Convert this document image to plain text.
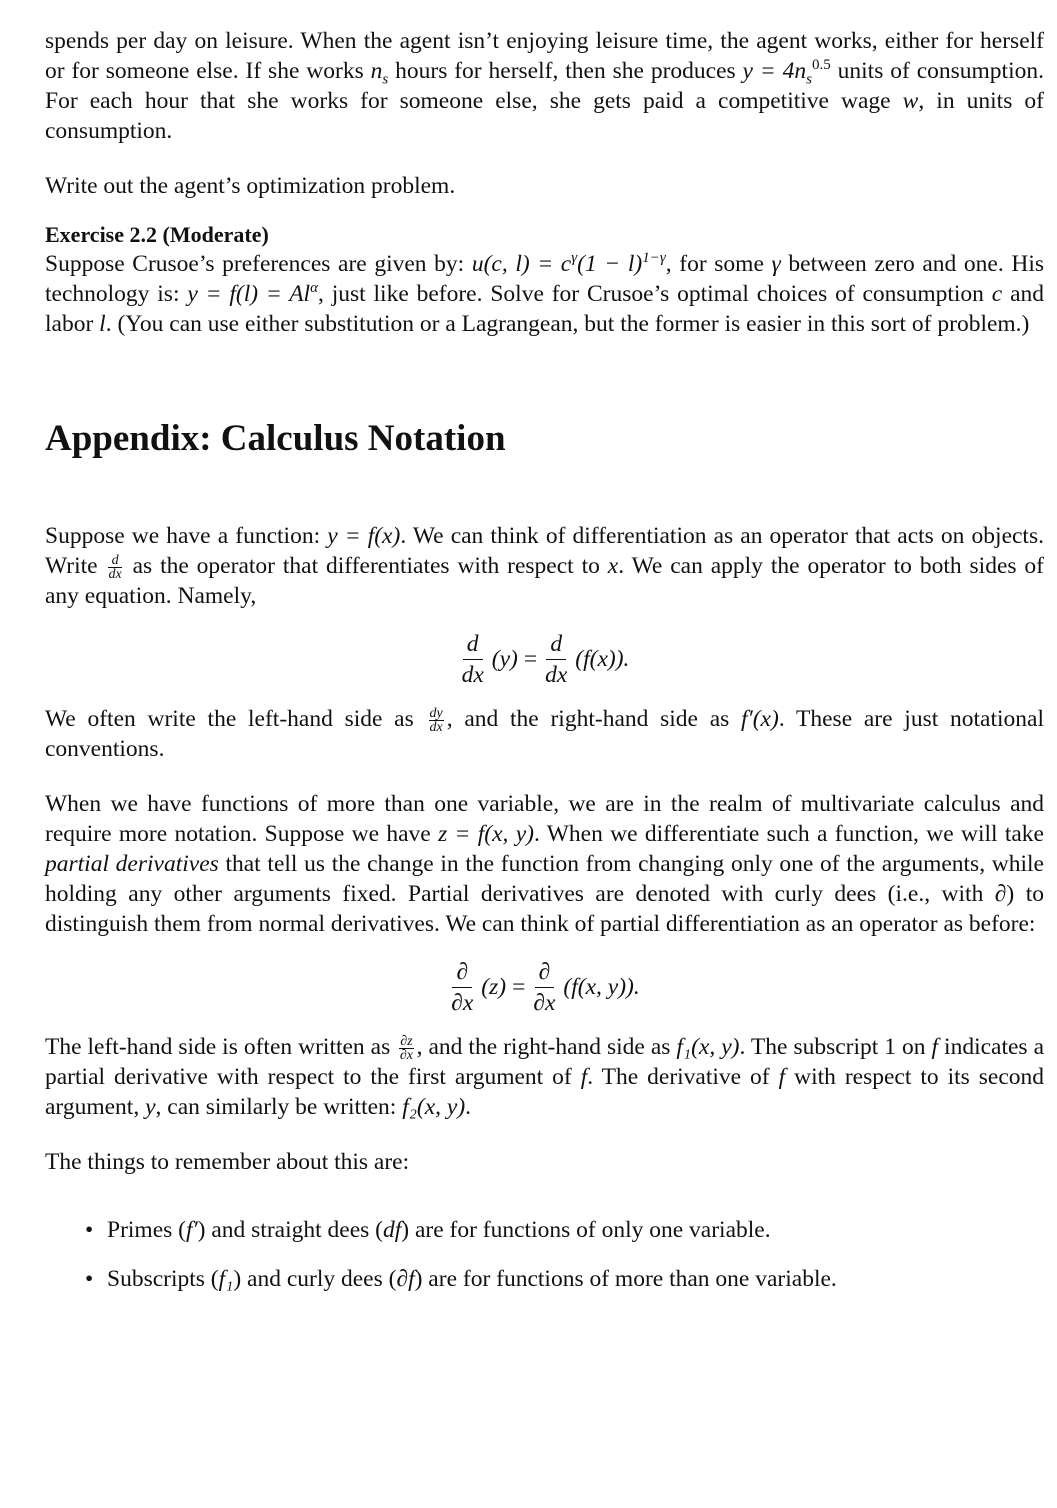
spends per day on leisure. When the agent isn’t enjoying leisure time, the agent works, either for herself or for someone else. If she works $n_s$ hours for herself, then she produces $y = 4n_s^{0.5}$ units of consumption. For each hour that she works for someone else, she gets paid a competitive wage w, in units of consumption.

Write out the agent’s optimization problem.

Exercise 2.2 (Moderate)

Suppose Crusoe’s preferences are given by: u(c, $l) = c^\gamma(1 - l)^{1-\gamma}$, for some γ between zero and one. His technology is: $y = f(l) = Al^\alpha$, just like before. Solve for Crusoe’s optimal choices of consumption c and labor l. (You can use either substitution or a Lagrangean, but the former is easier in this sort of problem.)

Appendix: Calculus Notation

Suppose we have a function: y = f(x). We can think of differentiation as an operator that acts on objects. Write $\frac{d}{dx}$ as the operator that differentiates with respect to x. We can apply the operator to both sides of any equation. Namely,

$\frac{d}{dx} (y) = \frac{d}{dx} (f(x))$.

We often write the left-hand side as $\frac{dy}{dx}$ , and the right-hand side as f′(x). These are just notational conventions.

When we have functions of more than one variable, we are in the realm of multivariate calculus and require more notation. Suppose we have z = f(x, y). When we differentiate such a function, we will take partial derivatives that tell us the change in the function from changing only one of the arguments, while holding any other arguments fixed. Partial derivatives are denoted with curly dees (i.e., with ∂) to distinguish them from normal derivatives. We can think of partial differentiation as an operator as before:

∂
∂x
(z) =
∂
∂x
(f(x, y)).

The left-hand side is often written as $\frac{\partial z}{\partial x}$ , and the right-hand side as f₁(x, y). The subscript 1 on f indicates a partial derivative with respect to the first argument of f. The derivative of f with respect to its second argument, y, can similarly be written: f₂(x, y).

The things to remember about this are:

• Primes (f′) and straight dees (df) are for functions of only one variable.
• Subscripts (f₁) and curly dees (∂f) are for functions of more than one variable.
